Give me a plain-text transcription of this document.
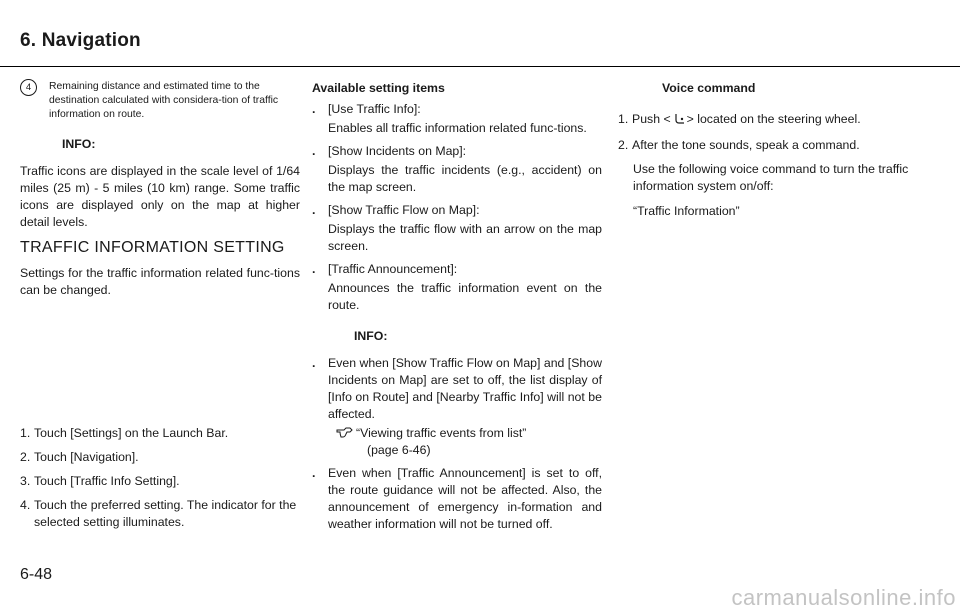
6. Navigation
4	Remaining distance and estimated time to the destination calculated with considera-tion of traffic information on route.
INFO:

Traffic icons are displayed in the scale level of 1/64 miles (25 m) - 5 miles (10 km) range. Some traffic icons are displayed only on the map at higher detail levels.

TRAFFIC INFORMATION SETTING

Settings for the traffic information related func-tions can be changed.

1. Touch [Settings] on the Launch Bar.
2. Touch [Navigation].
3. Touch [Traffic Info Setting].
4. Touch the preferred setting. The indicator for the selected setting illuminates.
Available setting items
.	[Use Traffic Info]:

Enables all traffic information related func-tions.

.	[Show Incidents on Map]:

Displays the traffic incidents (e.g., accident) on the map screen.

.	[Show Traffic Flow on Map]:

Displays the traffic flow with an arrow on the map screen.

.	[Traffic Announcement]:

Announces the traffic information event on the route.

INFO:
.	Even when [Show Traffic Flow on Map] and [Show Incidents on Map] are set to off, the list display of [Info on Route] and [Nearby Traffic Info] will not be affected.

“Viewing traffic events from list”
(page 6-46)
.	Even when [Traffic Announcement] is set to off, the route guidance will not be affected. Also, the announcement of emergency in-formation and weather information will not be turned off.

Voice command
1. Push < > located on the steering wheel.
2. After the tone sounds, speak a command.

Use the following voice command to turn the traffic information system on/off:

“Traffic Information”

6-48
carmanualsonline.info
